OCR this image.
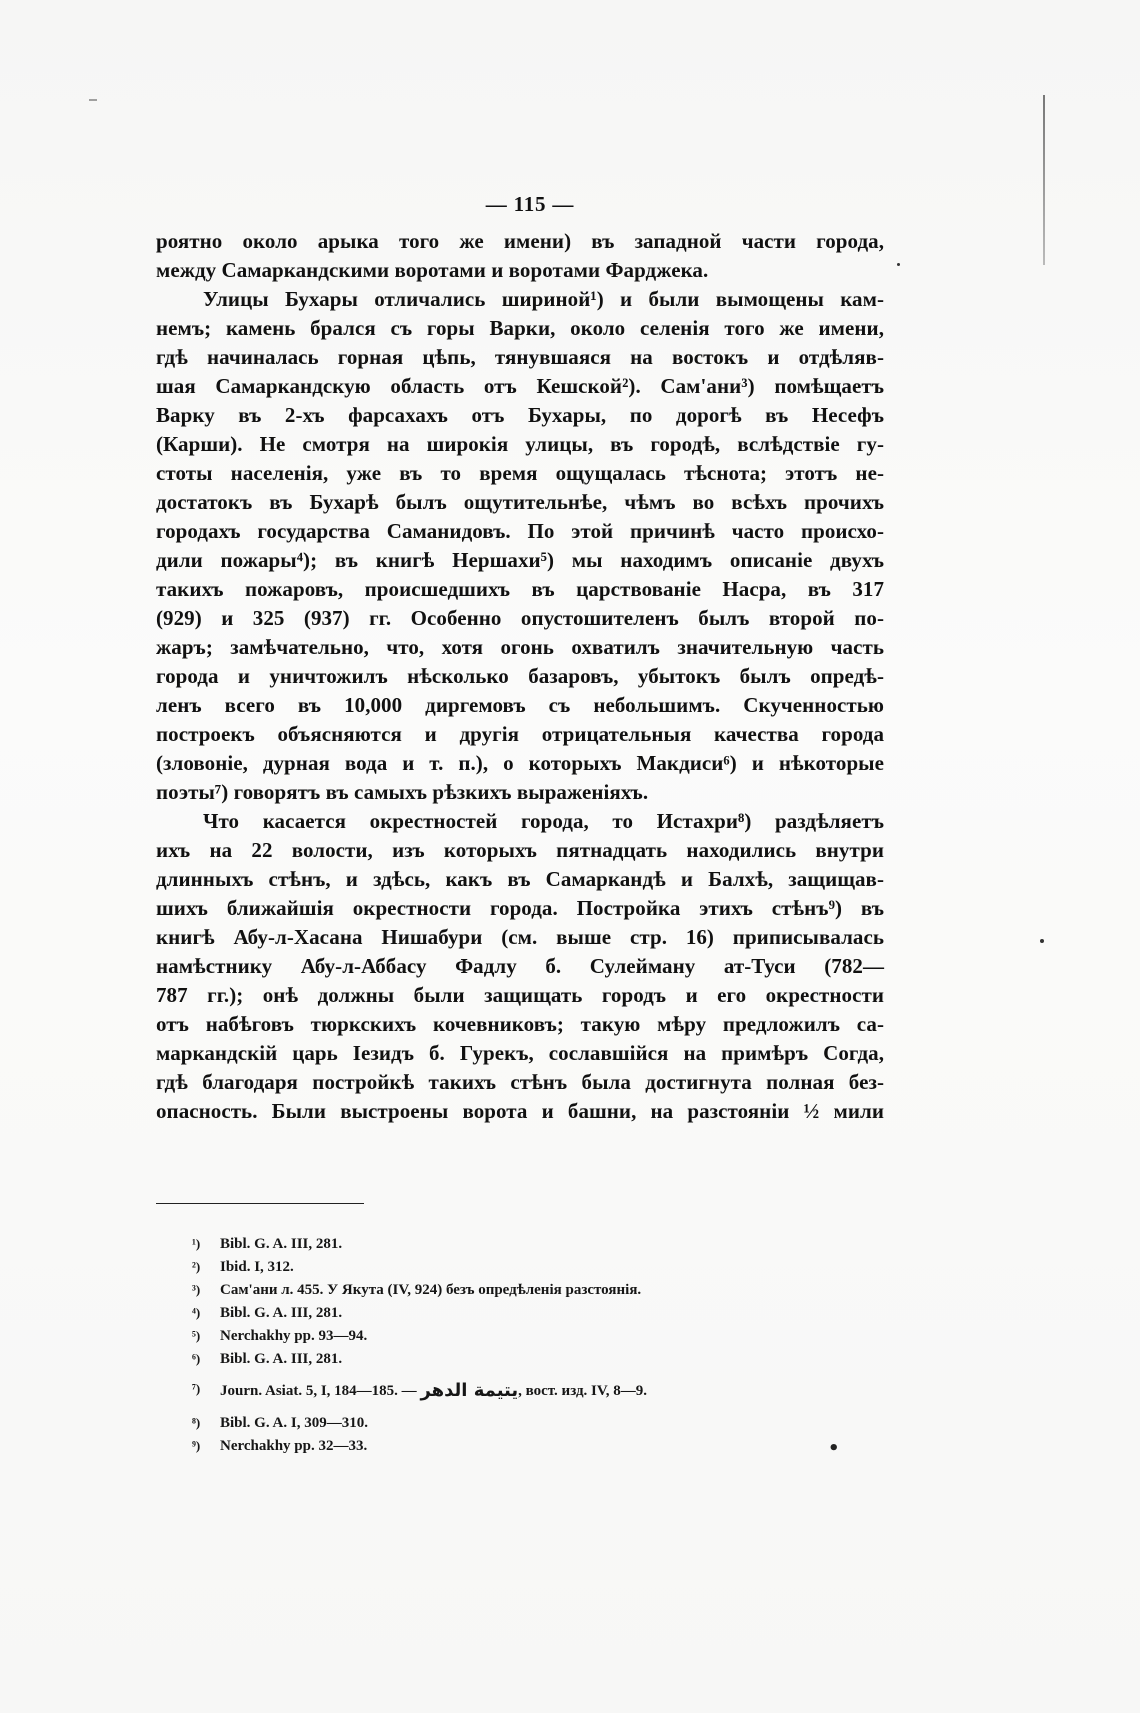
— 115 —
роятно около арыка того же имени) въ западной части города,
между Самаркандскими воротами и воротами Фарджека.
Улицы Бухары отличались шириной¹) и были вымощены кам-
немъ; камень брался съ горы Варки, около селенія того же имени,
гдѣ начиналась горная цѣпь, тянувшаяся на востокъ и отдѣляв-
шая Самаркандскую область отъ Кешской²). Сам'ани³) помѣщаетъ
Варку въ 2-хъ фарсахахъ отъ Бухары, по дорогѣ въ Несефъ
(Карши). Не смотря на широкія улицы, въ городѣ, вслѣдствіе гу-
стоты населенія, уже въ то время ощущалась тѣснота; этотъ не-
достатокъ въ Бухарѣ былъ ощутительнѣе, чѣмъ во всѣхъ прочихъ
городахъ государства Саманидовъ. По этой причинѣ часто происхо-
дили пожары⁴); въ книгѣ Нершахи⁵) мы находимъ описаніе двухъ
такихъ пожаровъ, происшедшихъ въ царствованіе Насра, въ 317
(929) и 325 (937) гг. Особенно опустошителенъ былъ второй по-
жаръ; замѣчательно, что, хотя огонь охватилъ значительную часть
города и уничтожилъ нѣсколько базаровъ, убытокъ былъ опредѣ-
ленъ всего въ 10,000 диргемовъ съ небольшимъ. Скученностью
построекъ объясняются и другія отрицательныя качества города
(зловоніе, дурная вода и т. п.), о которыхъ Макдиси⁶) и нѣкоторые
поэты⁷) говорятъ въ самыхъ рѣзкихъ выраженіяхъ.
Что касается окрестностей города, то Истахри⁸) раздѣляетъ
ихъ на 22 волости, изъ которыхъ пятнадцать находились внутри
длинныхъ стѣнъ, и здѣсь, какъ въ Самаркандѣ и Балхѣ, защищав-
шихъ ближайшія окрестности города. Постройка этихъ стѣнъ⁹) въ
книгѣ Абу-л-Хасана Нишабури (см. выше стр. 16) приписывалась
намѣстнику Абу-л-Аббасу Фадлу б. Сулейману ат-Туси (782—
787 гг.); онѣ должны были защищать городъ и его окрестности
отъ набѣговъ тюркскихъ кочевниковъ; такую мѣру предложилъ са-
маркандскій царь Іезидъ б. Гурекъ, сославшійся на примѣръ Согда,
гдѣ благодаря постройкѣ такихъ стѣнъ была достигнута полная без-
опасность. Были выстроены ворота и башни, на разстояніи ½ мили
¹) Bibl. G. A. III, 281.
²) Ibid. I, 312.
³) Сам'ани л. 455. У Якута (IV, 924) безъ опредѣленія разстоянія.
⁴) Bibl. G. A. III, 281.
⁵) Nerchakhy pp. 93—94.
⁶) Bibl. G. A. III, 281.
⁷) Journ. Asiat. 5, I, 184—185. — يتيمة الدهر, вост. изд. IV, 8—9.
⁸) Bibl. G. A. I, 309—310.
⁹) Nerchakhy pp. 32—33.	•
